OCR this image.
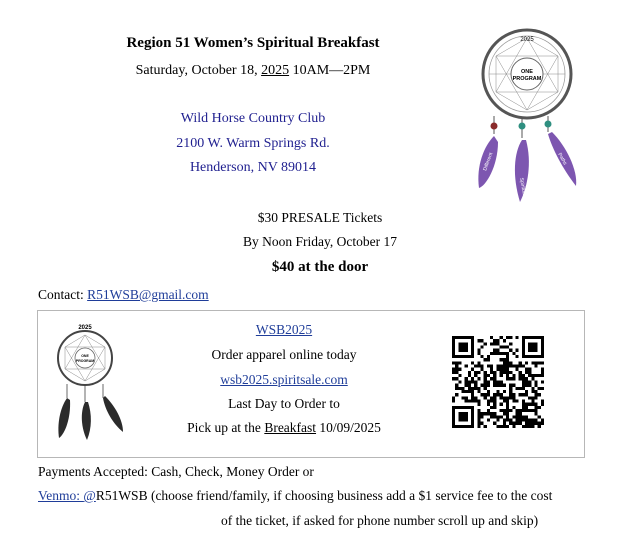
Region 51 Women’s Spiritual Breakfast
Saturday, October 18, 2025 10AM—2PM
Wild Horse Country Club
2100 W. Warm Springs Rd.
Henderson, NV 89014
$30 PRESALE Tickets
By Noon Friday, October 17
$40 at the door
Contact: R51WSB@gmail.com
2025
ONE
PROGRAM
Different
Spiritual
Paths
2025
ONE
PROGRAM
WSB2025
Order apparel online today
wsb2025.spiritsale.com
Last Day to Order to
Pick up at the Breakfast 10/09/2025
Payments Accepted: Cash, Check, Money Order or
Venmo: @R51WSB (choose friend/family, if choosing business add a $1 service fee to the cost
of the ticket, if asked for phone number scroll up and skip)
